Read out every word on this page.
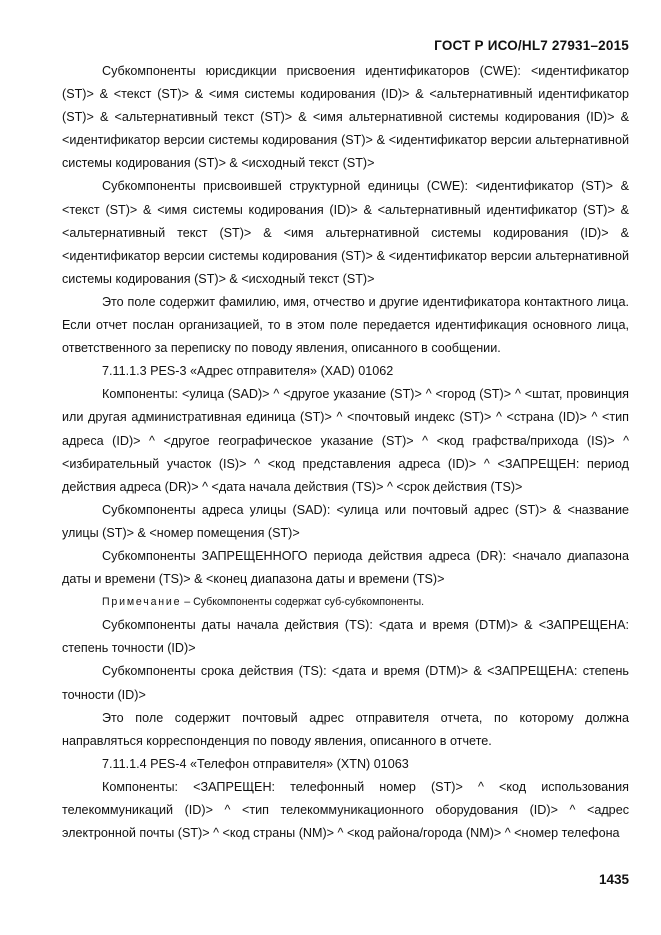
ГОСТ Р ИСО/HL7 27931–2015

Субкомпоненты юрисдикции присвоения идентификаторов (CWE): <идентификатор (ST)> & <текст (ST)> & <имя системы кодирования (ID)> & <альтернативный идентификатор (ST)> & <альтернативный текст (ST)> & <имя альтернативной системы кодирования (ID)> & <идентификатор версии системы кодирования (ST)> & <идентификатор версии альтернативной системы кодирования (ST)> & <исходный текст (ST)>

Субкомпоненты присвоившей структурной единицы (CWE): <идентификатор (ST)> & <текст (ST)> & <имя системы кодирования (ID)> & <альтернативный идентификатор (ST)> & <альтернативный текст (ST)> & <имя альтернативной системы кодирования (ID)> & <идентификатор версии системы кодирования (ST)> & <идентификатор версии альтернативной системы кодирования (ST)> & <исходный текст (ST)>

Это поле содержит фамилию, имя, отчество и другие идентификатора контактного лица. Если отчет послан организацией, то в этом поле передается идентификация основного лица, ответственного за переписку по поводу явления, описанного в сообщении.

7.11.1.3 PES-3 «Адрес отправителя» (XAD) 01062

Компоненты: <улица (SAD)> ^ <другое указание (ST)> ^ <город (ST)> ^ <штат, провинция или другая административная единица (ST)> ^ <почтовый индекс (ST)> ^ <страна (ID)> ^ <тип адреса (ID)> ^ <другое географическое указание (ST)> ^ <код графства/прихода (IS)> ^ <избирательный участок (IS)> ^ <код представления адреса (ID)> ^ <ЗАПРЕЩЕН: период действия адреса (DR)> ^ <дата начала действия (TS)> ^ <срок действия (TS)>

Субкомпоненты адреса улицы (SAD): <улица или почтовый адрес (ST)> & <название улицы (ST)> & <номер помещения (ST)>

Субкомпоненты ЗАПРЕЩЕННОГО периода действия адреса (DR): <начало диапазона даты и времени (TS)> & <конец диапазона даты и времени (TS)>

Примечание – Субкомпоненты содержат суб-субкомпоненты.

Субкомпоненты даты начала действия (TS): <дата и время (DTM)> & <ЗАПРЕЩЕНА: степень точности (ID)>

Субкомпоненты срока действия (TS): <дата и время (DTM)> & <ЗАПРЕЩЕНА: степень точности (ID)>

Это поле содержит почтовый адрес отправителя отчета, по которому должна направляться корреспонденция по поводу явления, описанного в отчете.

7.11.1.4 PES-4 «Телефон отправителя» (XTN) 01063

Компоненты: <ЗАПРЕЩЕН: телефонный номер (ST)> ^ <код использования телекоммуникаций (ID)> ^ <тип телекоммуникационного оборудования (ID)> ^ <адрес электронной почты (ST)> ^ <код страны (NM)> ^ <код района/города (NM)> ^ <номер телефона

1435
